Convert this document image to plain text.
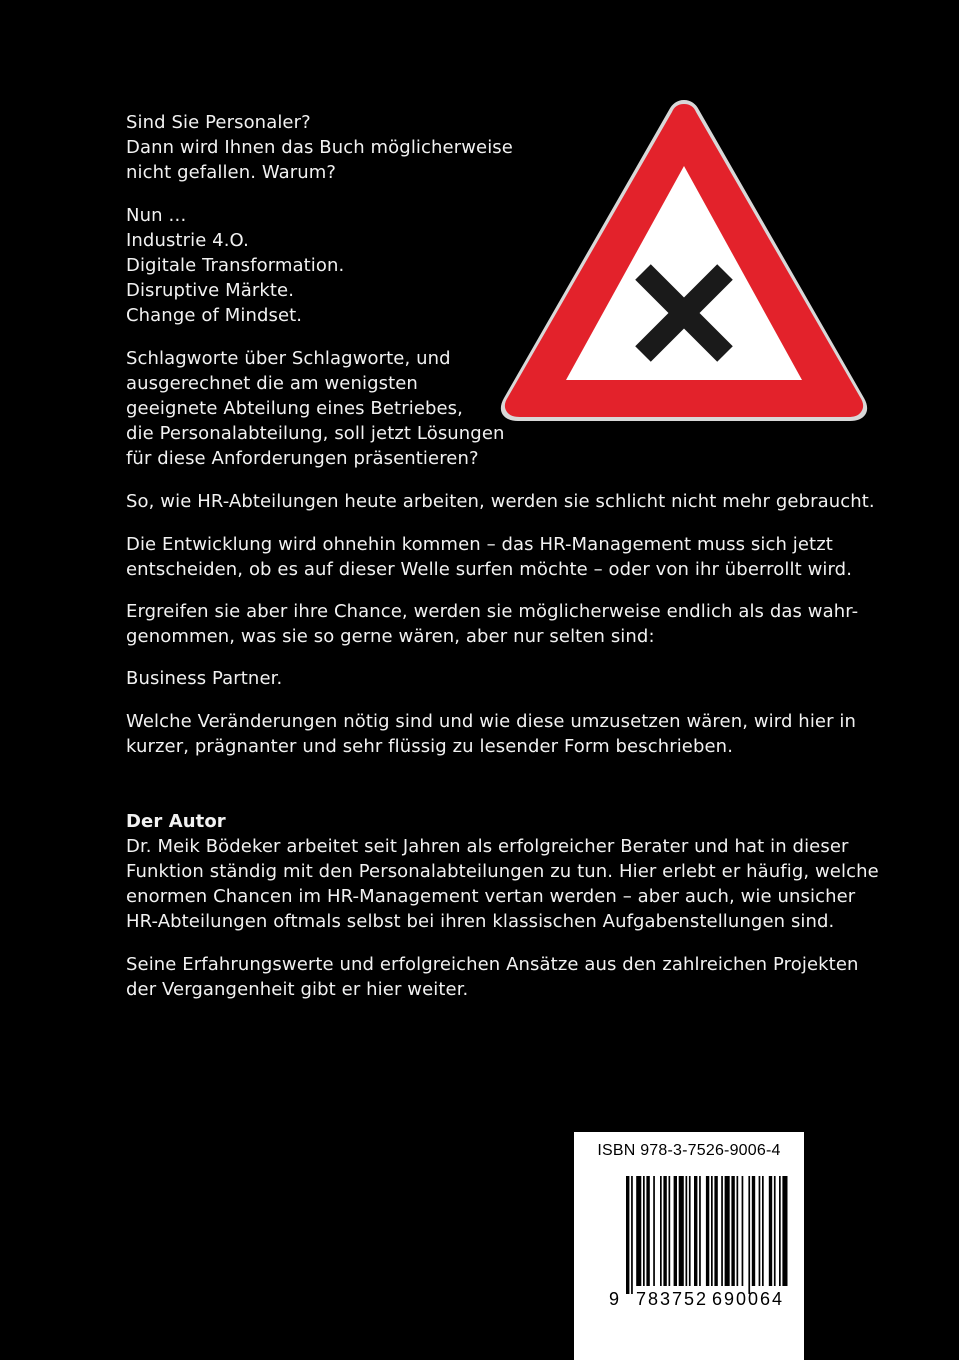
Sind Sie Personaler?
Dann wird Ihnen das Buch möglicherweise
nicht gefallen. Warum?
Nun …
Industrie 4.O.
Digitale Transformation.
Disruptive Märkte.
Change of Mindset.
Schlagworte über Schlagworte, und
ausgerechnet die am wenigsten
geeignete Abteilung eines Betriebes,
die Personalabteilung, soll jetzt Lösungen
für diese Anforderungen präsentieren?
So, wie HR-Abteilungen heute arbeiten, werden sie schlicht nicht mehr gebraucht.
Die Entwicklung wird ohnehin kommen – das HR-Management muss sich jetzt
entscheiden, ob es auf dieser Welle surfen möchte – oder von ihr überrollt wird.
Ergreifen sie aber ihre Chance, werden sie möglicherweise endlich als das wahr-
genommen, was sie so gerne wären, aber nur selten sind:
Business Partner.
Welche Veränderungen nötig sind und wie diese umzusetzen wären, wird hier in
kurzer, prägnanter und sehr flüssig zu lesender Form beschrieben.
Der Autor
Dr. Meik Bödeker arbeitet seit Jahren als erfolgreicher Berater und hat in dieser
Funktion ständig mit den Personalabteilungen zu tun. Hier erlebt er häufig, welche
enormen Chancen im HR-Management vertan werden – aber auch, wie unsicher
HR-Abteilungen oftmals selbst bei ihren klassischen Aufgabenstellungen sind.
Seine Erfahrungswerte und erfolgreichen Ansätze aus den zahlreichen Projekten
der Vergangenheit gibt er hier weiter.
ISBN 978-3-7526-9006-4
9 783752 690064
